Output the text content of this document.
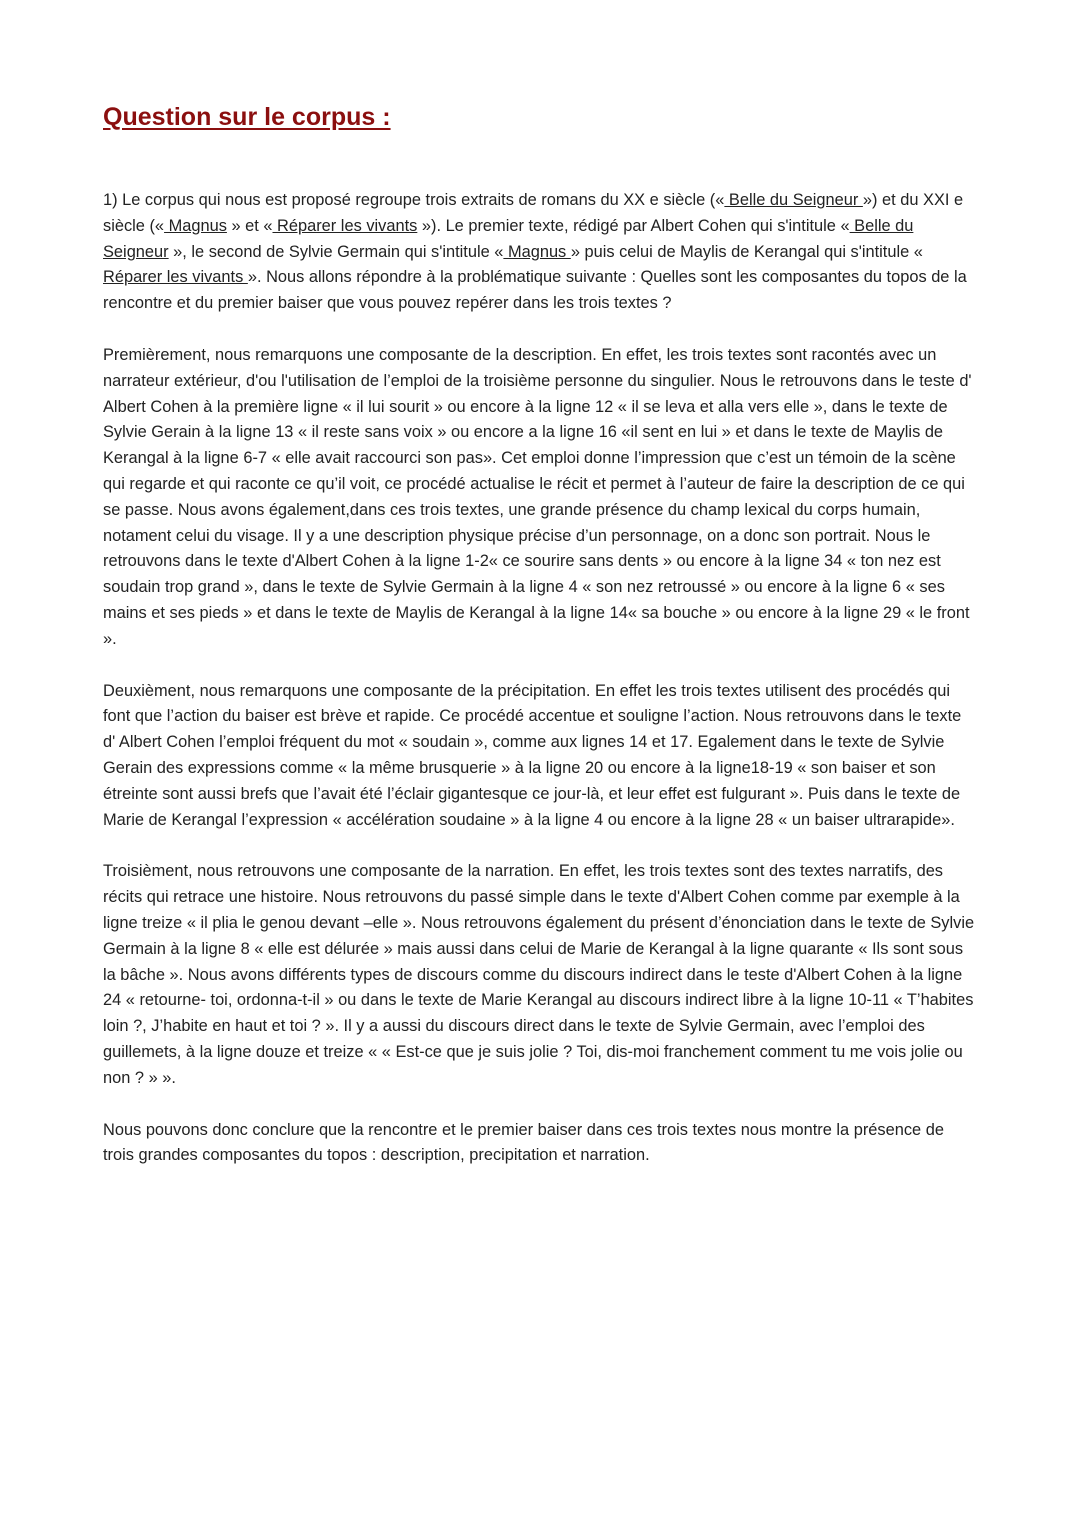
Question sur le corpus :

1) Le corpus qui nous est proposé regroupe trois extraits de romans du XX e siècle (« Belle du Seigneur ») et du XXI e siècle (« Magnus » et « Réparer les vivants »). Le premier texte, rédigé par Albert Cohen qui s'intitule « Belle du Seigneur », le second de Sylvie Germain qui s'intitule « Magnus » puis celui de Maylis de Kerangal qui s'intitule « Réparer les vivants ». Nous allons répondre à la problématique suivante : Quelles sont les composantes du topos de la rencontre et du premier baiser que vous pouvez repérer dans les trois textes ?

Premièrement, nous remarquons une composante de la description. En effet, les trois textes sont racontés avec un narrateur extérieur, d'ou l'utilisation de l’emploi de la troisième personne du singulier. Nous le retrouvons dans le teste d' Albert Cohen à la première ligne « il lui sourit » ou encore à la ligne 12 « il se leva et alla vers elle », dans le texte de Sylvie Gerain à la ligne 13 « il reste sans voix » ou encore a la ligne 16 «il sent en lui » et dans le texte de Maylis de Kerangal à la ligne 6-7 « elle avait raccourci son pas». Cet emploi donne l’impression que c’est un témoin de la scène qui regarde et qui raconte ce qu’il voit, ce procédé actualise le récit et permet à l’auteur de faire la description de ce qui se passe. Nous avons également,dans ces trois textes, une grande présence du champ lexical du corps humain, notament celui du visage. Il y a une description physique précise d’un personnage, on a donc son portrait. Nous le retrouvons dans le texte d'Albert Cohen à la ligne 1-2« ce sourire sans dents » ou encore à la ligne 34 « ton nez est soudain trop grand », dans le texte de Sylvie Germain à la ligne 4 « son nez retroussé » ou encore à la ligne 6 « ses mains et ses pieds » et dans le texte de Maylis de Kerangal à la ligne 14« sa bouche » ou encore à la ligne 29 « le front ».

Deuxièment, nous remarquons une composante de la précipitation. En effet les trois textes utilisent des procédés qui font que l’action du baiser est brève et rapide. Ce procédé accentue et souligne l’action. Nous retrouvons dans le texte d' Albert Cohen l’emploi fréquent du mot « soudain », comme aux lignes 14 et 17. Egalement dans le texte de Sylvie Gerain des expressions comme « la même brusquerie » à la ligne 20 ou encore à la ligne18-19 « son baiser et son étreinte sont aussi brefs que l’avait été l’éclair gigantesque ce jour-là, et leur effet est fulgurant ». Puis dans le texte de Marie de Kerangal l’expression « accélération soudaine » à la ligne 4 ou encore à la ligne 28 « un baiser ultrarapide».

Troisièment, nous retrouvons une composante de la narration. En effet, les trois textes sont des textes narratifs, des récits qui retrace une histoire. Nous retrouvons du passé simple dans le texte d'Albert Cohen comme par exemple à la ligne treize « il plia le genou devant –elle ». Nous retrouvons également du présent d’énonciation dans le texte de Sylvie Germain à la ligne 8 « elle est délurée » mais aussi dans celui de Marie de Kerangal à la ligne quarante « Ils sont sous la bâche ». Nous avons différents types de discours comme du discours indirect dans le teste d'Albert Cohen à la ligne 24 « retourne- toi, ordonna-t-il » ou dans le texte de Marie Kerangal au discours indirect libre à la ligne 10-11 « T’habites loin ?, J’habite en haut et toi ? ». Il y a aussi du discours direct dans le texte de Sylvie Germain, avec l’emploi des guillemets, à la ligne douze et treize « « Est-ce que je suis jolie ? Toi, dis-moi franchement comment tu me vois jolie ou non ? » ».

Nous pouvons donc conclure que la rencontre et le premier baiser dans ces trois textes nous montre la présence de trois grandes composantes du topos : description, precipitation et narration.
